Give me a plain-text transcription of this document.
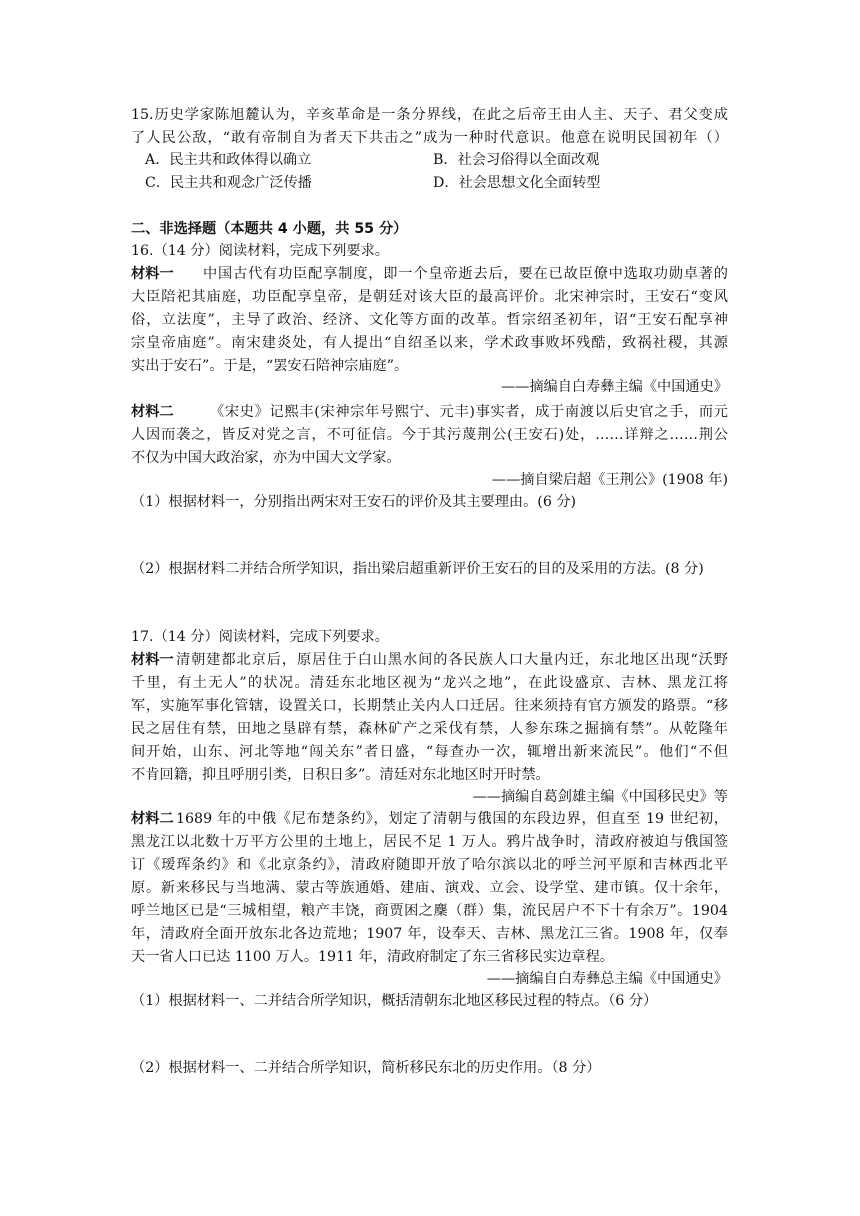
15.历史学家陈旭麓认为，辛亥革命是一条分界线，在此之后帝王由人主、天子、君父变成
了人民公敌，“敢有帝制自为者天下共击之”成为一种时代意识。他意在说明民国初年（）
A．民主共和政体得以确立	B．社会习俗得以全面改观
C．民主共和观念广泛传播	D．社会思想文化全面转型
二、非选择题（本题共 4 小题，共 55 分）
16.（14 分）阅读材料，完成下列要求。
材料一 中国古代有功臣配享制度，即一个皇帝逝去后，要在已故臣僚中选取功勋卓著的
大臣陪祀其庙庭，功臣配享皇帝，是朝廷对该大臣的最高评价。北宋神宗时，王安石“变风
俗，立法度”，主导了政治、经济、文化等方面的改革。哲宗绍圣初年，诏“王安石配享神
宗皇帝庙庭”。南宋建炎处，有人提出“自绍圣以来，学术政事败坏残酷，致祸社稷，其源
实出于安石”。于是，“罢安石陪神宗庙庭”。
——摘编自白寿彝主编《中国通史》
材料二	《宋史》记熙丰(宋神宗年号熙宁、元丰)事实者，成于南渡以后史官之手，而元
人因而袭之，皆反对党之言，不可征信。今于其污蔑荆公(王安石)处，……详辩之……荆公
不仅为中国大政治家，亦为中国大文学家。
——摘自梁启超《王荆公》(1908 年)
（1）根据材料一，分别指出两宋对王安石的评价及其主要理由。(6 分)
（2）根据材料二并结合所学知识，指出梁启超重新评价王安石的目的及采用的方法。(8 分)
17.（14 分）阅读材料，完成下列要求。
材料一 清朝建都北京后，原居住于白山黑水间的各民族人口大量内迁，东北地区出现“沃野
千里，有土无人”的状况。清廷东北地区视为“龙兴之地”，在此设盛京、吉林、黑龙江将
军，实施军事化管辖，设置关口，长期禁止关内人口迁居。往来须持有官方颁发的路票。“移
民之居住有禁，田地之垦辟有禁，森林矿产之采伐有禁，人参东珠之掘摘有禁”。从乾隆年
间开始，山东、河北等地“闯关东”者日盛，“每查办一次，辄增出新来流民”。他们“不但
不肯回籍，抑且呼朋引类，日积日多”。清廷对东北地区时开时禁。
——摘编自葛剑雄主编《中国移民史》等
材料二 1689 年的中俄《尼布楚条约》，划定了清朝与俄国的东段边界，但直至 19 世纪初，
黑龙江以北数十万平方公里的土地上，居民不足 1 万人。鸦片战争时，清政府被迫与俄国签
订《瑷珲条约》和《北京条约》，清政府随即开放了哈尔滨以北的呼兰河平原和吉林西北平
原。新来移民与当地满、蒙古等族通婚、建庙、演戏、立会、设学堂、建市镇。仅十余年，
呼兰地区已是“三城相望，粮产丰饶，商贾困之麇（群）集，流民居户不下十有余万”。1904
年，清政府全面开放东北各边荒地；1907 年，设奉天、吉林、黑龙江三省。1908 年，仅奉
天一省人口已达 1100 万人。1911 年，清政府制定了东三省移民实边章程。
——摘编自白寿彝总主编《中国通史》
（1）根据材料一、二并结合所学知识，概括清朝东北地区移民过程的特点。（6 分）
（2）根据材料一、二并结合所学知识，简析移民东北的历史作用。（8 分）
